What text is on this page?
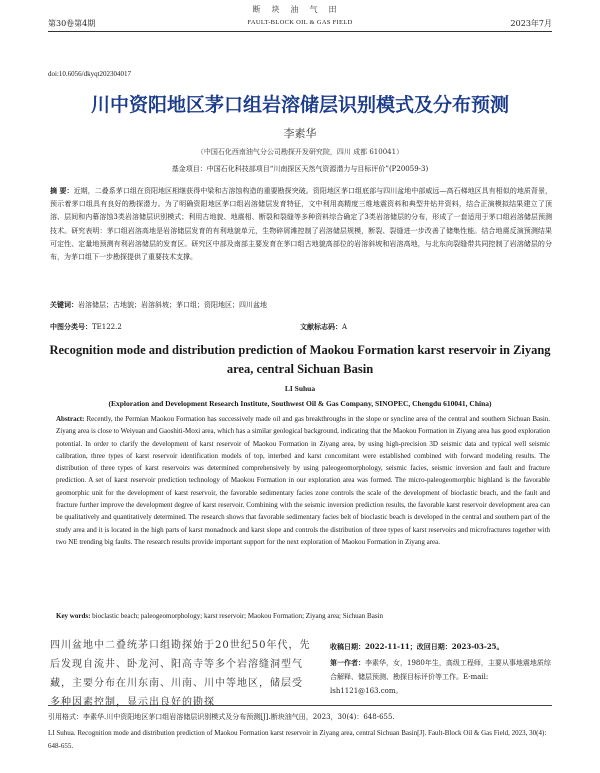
断块油气田
第30卷第4期	FAULT-BLOCK OIL & GAS FIELD	2023年7月
doi:10.6056/dkyqt202304017
川中资阳地区茅口组岩溶储层识别模式及分布预测
李素华
（中国石化西南油气分公司勘探开发研究院，四川 成都 610041）
基金项目：中国石化科技部项目“川南探区天然气资源潜力与目标评价”(P20059-3)
摘 要：近期，二叠系茅口组在资阳地区相继获得中梁和古溶蚀构造的重要勘探突破。资阳地区茅口组底部与四川盆地中部威远—高石梯地区具有相似的地质背景，预示着茅口组具有良好的勘探潜力。为了明确资阳地区茅口组岩溶储层发育特征，文中利用高精度三维地震资料和典型井钻井资料，结合正演模拟结果建立了顶溶、层间和内幕溶蚀3类岩溶储层识别模式；利用古地貌、地震相、断裂和裂缝等多种资料综合确定了3类岩溶储层的分布，形成了一套适用于茅口组岩溶储层预测技术。研究表明：茅口组岩溶高地是岩溶储层发育的有利地貌单元，生物碎屑滩控制了岩溶储层规模，断裂、裂缝进一步改善了储集性能。结合地震反演预测结果可定性、定量地预测有利岩溶储层的发育区。研究区中部及南部主要发育在茅口组古地貌高部位的岩溶斜坡和岩溶高地，与北东向裂缝带共同控制了岩溶储层的分布，为茅口组下一步勘探提供了重要技术支撑。
关键词：岩溶储层；古地貌；岩溶斜坡；茅口组；资阳地区；四川盆地
中图分类号：TE122.2	文献标志码：A
Recognition mode and distribution prediction of Maokou Formation karst reservoir in Ziyang area, central Sichuan Basin
LI Suhua
(Exploration and Development Research Institute, Southwest Oil & Gas Company, SINOPEC, Chengdu 610041, China)
Abstract: Recently, the Permian Maokou Formation has successively made oil and gas breakthroughs in the slope or syncline area of the central and southern Sichuan Basin. Ziyang area is close to Weiyuan and Gaoshiti-Moxi area, which has a similar geological background, indicating that the Maokou Formation in Ziyang area has good exploration potential. In order to clarify the development of karst reservoir of Maokou Formation in Ziyang area, by using high-precision 3D seismic data and typical well seismic calibration, three types of karst reservoir identification models of top, interbed and karst concomitant were established combined with forward modeling results. The distribution of three types of karst reservoirs was determined comprehensively by using paleogeomorphology, seismic facies, seismic inversion and fault and fracture prediction. A set of karst reservoir prediction technology of Maokou Formation in our exploration area was formed. The micro-paleogeomorphic highland is the favorable geomorphic unit for the development of karst reservoir, the favorable sedimentary facies zone controls the scale of the development of bioclastic beach, and the fault and fracture further improve the development degree of karst reservoir. Combining with the seismic inversion prediction results, the favorable karst reservoir development area can be qualitatively and quantitatively determined. The research shows that favorable sedimentary facies belt of bioclastic beach is developed in the central and southern part of the study area and it is located in the high parts of karst monadnock and karst slope and controls the distribution of three types of karst reservoirs and microfractures together with two NE trending big faults. The research results provide important support for the next exploration of Maokou Formation in Ziyang area.
Key words: bioclastic beach; paleogeomorphology; karst reservoir; Maokou Formation; Ziyang area; Sichuan Basin
四川盆地中二叠统茅口组勘探始于20世纪50年代，先后发现自流井、卧龙河、阳高寺等多个岩溶缝洞型气藏，主要分布在川东南、川南、川中等地区，储层受多种因素控制，显示出良好的勘探
收稿日期：2022-11-11；改回日期：2023-03-25。
第一作者：李素华，女，1980年生，高级工程师，主要从事地震地质综合解释、储层预测、勘探目标评价等工作。E-mail: lsh1121@163.com。
引用格式：李素华.川中资阳地区茅口组岩溶储层识别模式及分布预测[J].断块油气田，2023，30(4)：648-655.
LI Suhua. Recognition mode and distribution prediction of Maokou Formation karst reservoir in Ziyang area, central Sichuan Basin[J]. Fault-Block Oil & Gas Field, 2023, 30(4): 648-655.
